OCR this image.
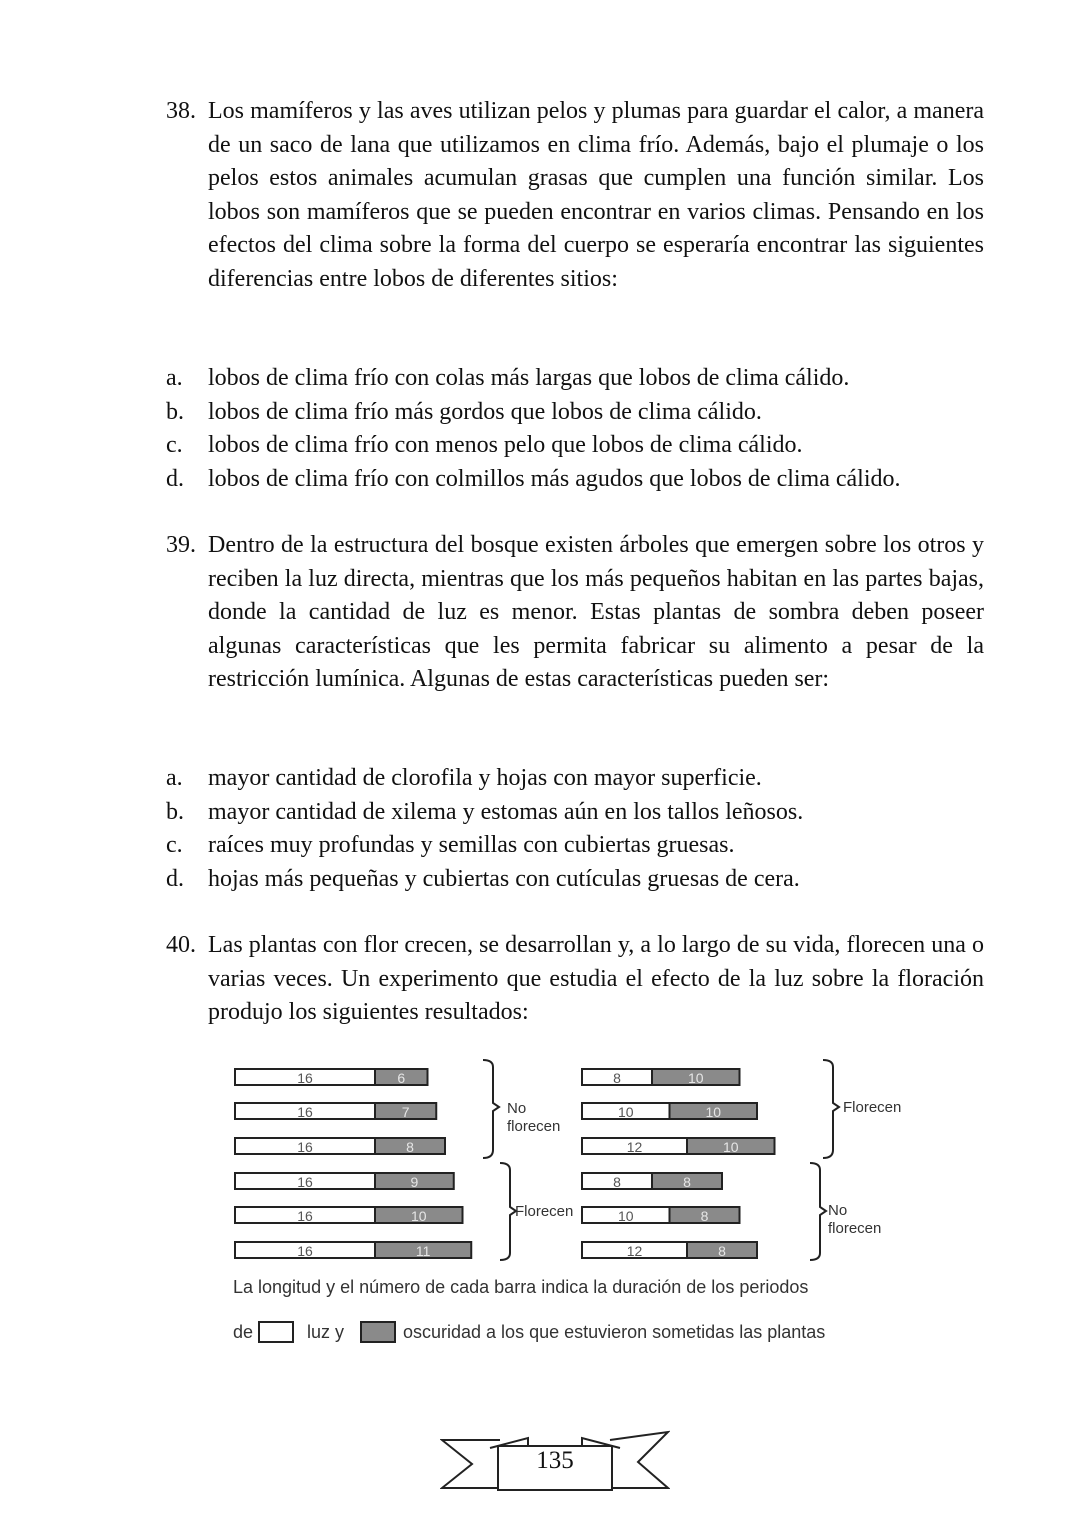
38. Los mamíferos y las aves utilizan pelos y plumas para guardar el calor, a manera de un saco de lana que utilizamos en clima frío. Además, bajo el plumaje o los pelos estos animales acumulan grasas que cumplen una función similar. Los lobos son mamíferos que se pueden encontrar en varios climas. Pensando en los efectos del clima sobre la forma del cuerpo se esperaría encontrar las siguientes diferencias entre lobos de diferentes sitios:
a.	lobos de clima frío con colas más largas que lobos de clima cálido.
b.	lobos de clima frío más gordos que lobos de clima cálido.
c.	lobos de clima frío con menos pelo que lobos de clima cálido.
d.	lobos de clima frío con colmillos más agudos que lobos de clima cálido.
39. Dentro de la estructura del bosque existen árboles que emergen sobre los otros y reciben la luz directa, mientras que los más pequeños habitan en las partes bajas, donde la cantidad de luz es menor. Estas plantas de sombra deben poseer algunas características que les permita fabricar su alimento a pesar de la restricción lumínica. Algunas de estas características pueden ser:
a.	mayor cantidad de clorofila y hojas con mayor superficie.
b.	mayor cantidad de xilema y estomas aún en los tallos leñosos.
c.	raíces muy profundas y semillas con cubiertas gruesas.
d.	hojas más pequeñas y cubiertas con cutículas gruesas de cera.
40. Las plantas con flor crecen, se desarrollan y, a lo largo de su vida, florecen una o varias veces. Un experimento que estudia el efecto de la luz sobre la floración produjo los siguientes resultados:
16	6
16	7
16	8
16	9
16	10
16	11
8	10
10	10
12	10
8	8
10	8
12	8
No
florecen
Florecen
Florecen
No
florecen
La longitud y el número de cada barra indica la duración de los periodos
de	luz y	oscuridad a los que estuvieron sometidas las plantas
135
